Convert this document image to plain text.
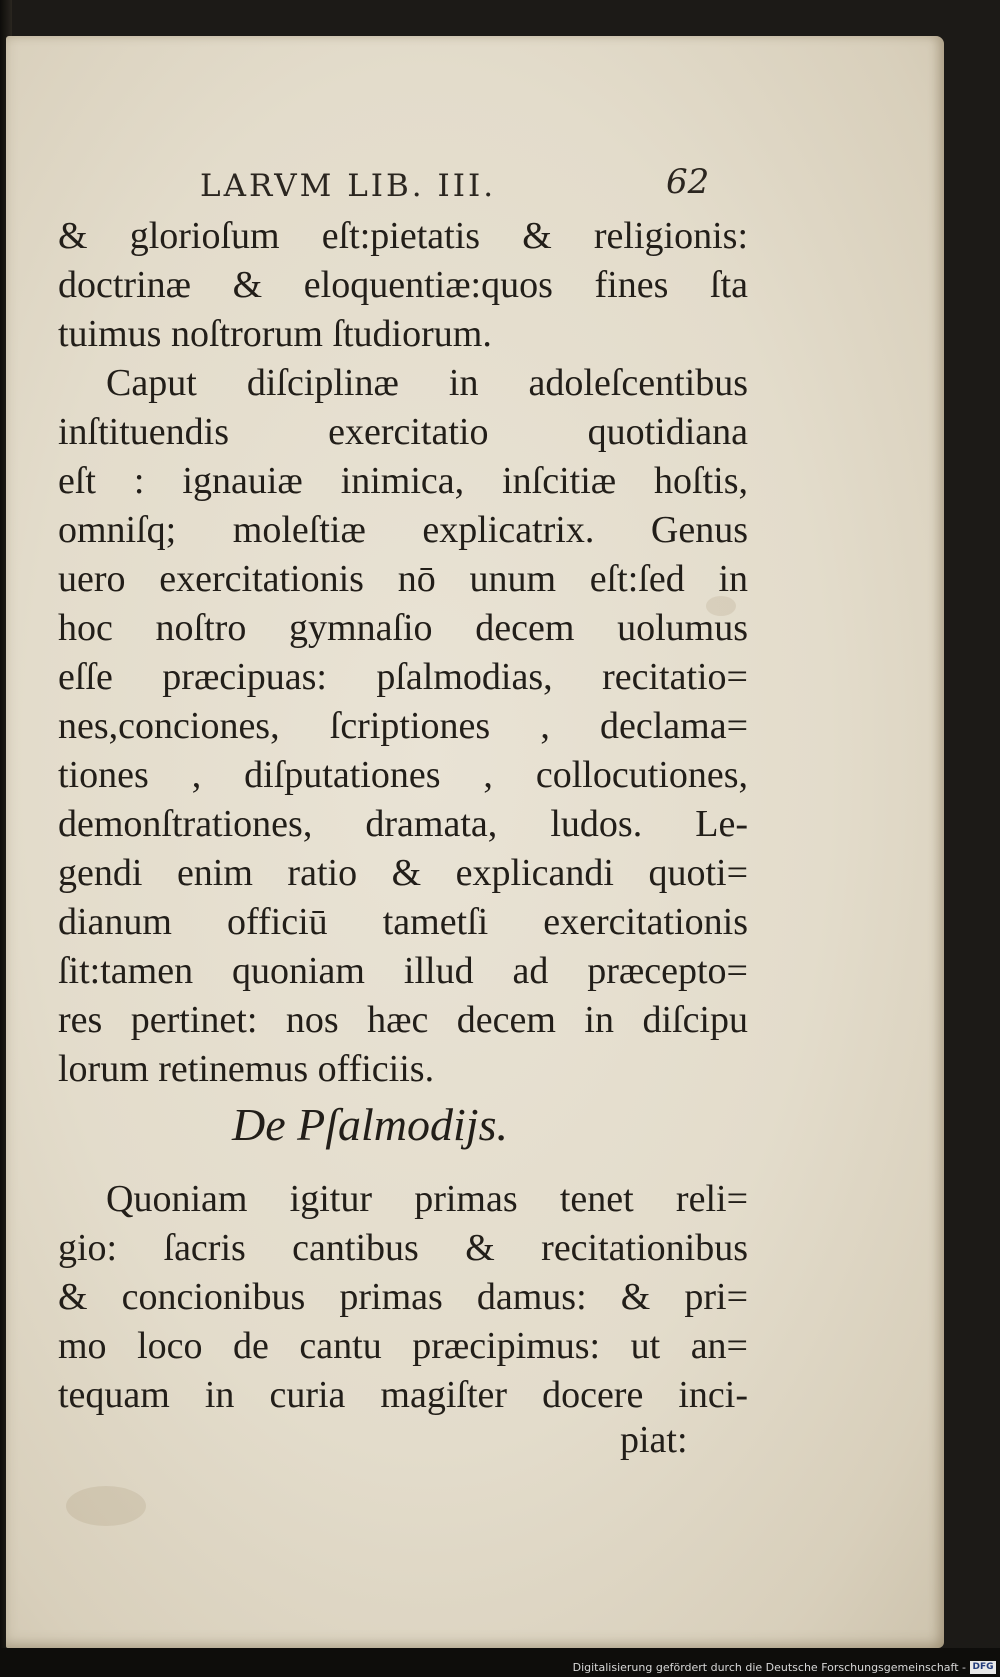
LARVM LIB. III.	62
& glorioſum eſt:pietatis & religionis:
doctrinæ & eloquentiæ:quos fines ſta
tuimus noſtrorum ſtudiorum.
Caput diſciplinæ in adoleſcentibus
inſtituendis exercitatio quotidiana
eſt : ignauiæ inimica, inſcitiæ hoſtis,
omniſq; moleſtiæ explicatrix. Genus
uero exercitationis nō unum eſt:ſed in
hoc noſtro gymnaſio decem uolumus
eſſe præcipuas: pſalmodias, recitatio=
nes,conciones, ſcriptiones , declama=
tiones , diſputationes , collocutiones,
demonſtrationes, dramata, ludos. Le-
gendi enim ratio & explicandi quoti=
dianum officiū tametſi exercitationis
ſit:tamen quoniam illud ad præcepto=
res pertinet: nos hæc decem in diſcipu
lorum retinemus officiis.
De Pſalmodijs.
Quoniam igitur primas tenet reli=
gio: ſacris cantibus & recitationibus
& concionibus primas damus: & pri=
mo loco de cantu præcipimus: ut an=
tequam in curia magiſter docere inci-
piat:
Digitalisierung gefördert durch die Deutsche Forschungsgemeinschaft - DFG
